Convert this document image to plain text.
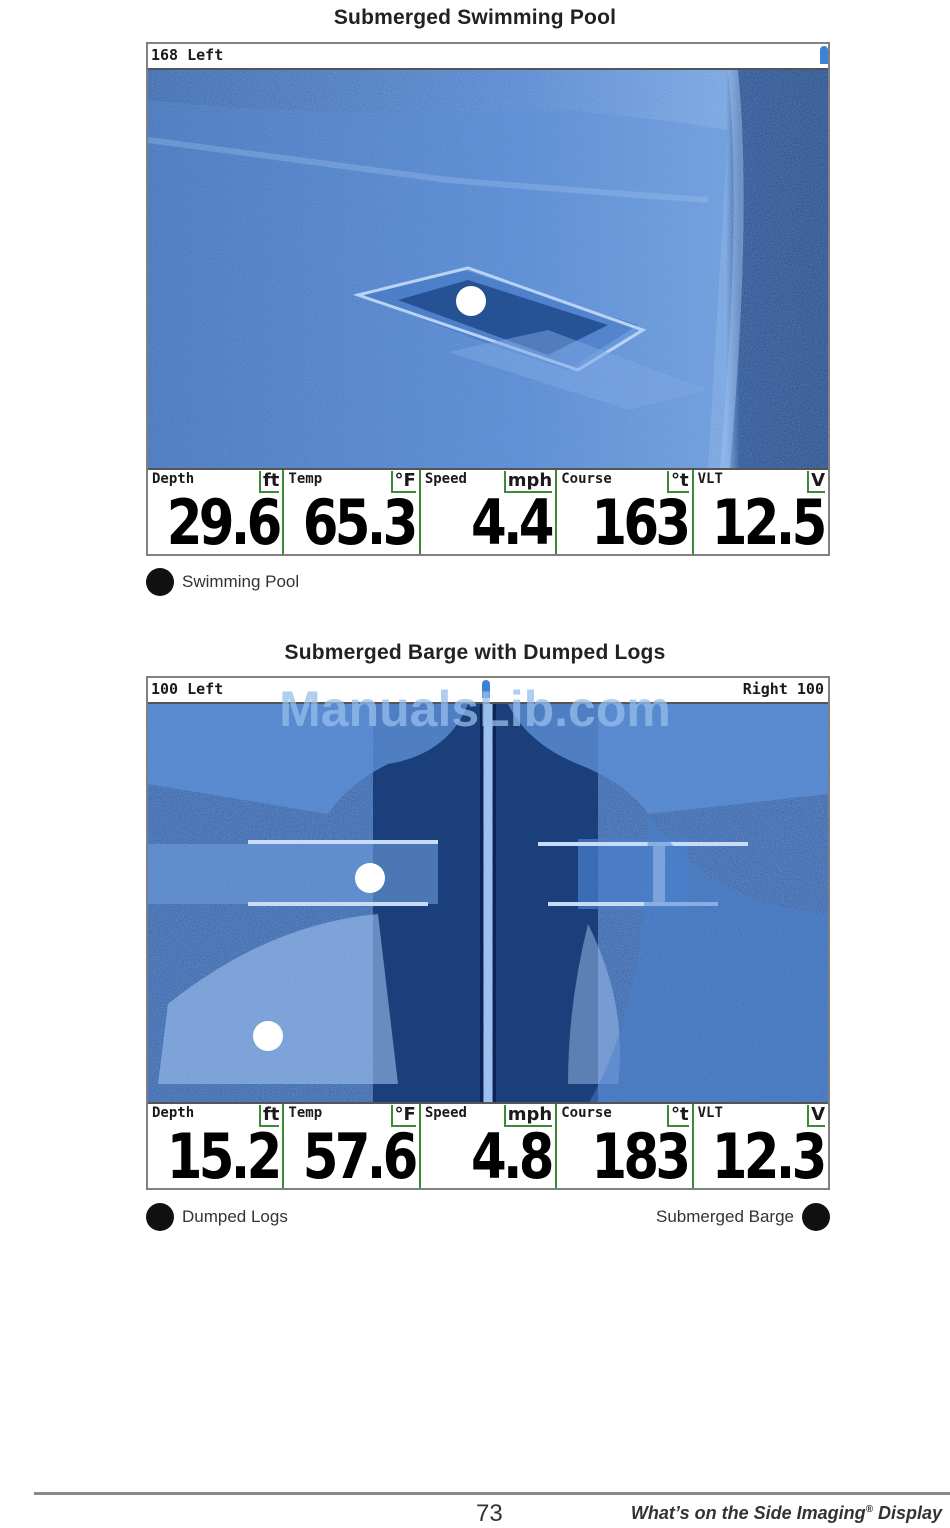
Submerged Swimming Pool
168 Left
Depth	ft
29.6
Temp	°F
65.3
Speed mph
4.4
Course	°t
163
VLT	V
12.5
Swimming Pool
Submerged Barge with Dumped Logs
100 Left	Right 100
Depth	ft
15.2
Temp	°F
57.6
Speed mph
4.8
Course	°t
183
VLT	V
12.3
ManualsLib.com
Dumped Logs	Submerged Barge
73	What’s on the Side Imaging® Display
